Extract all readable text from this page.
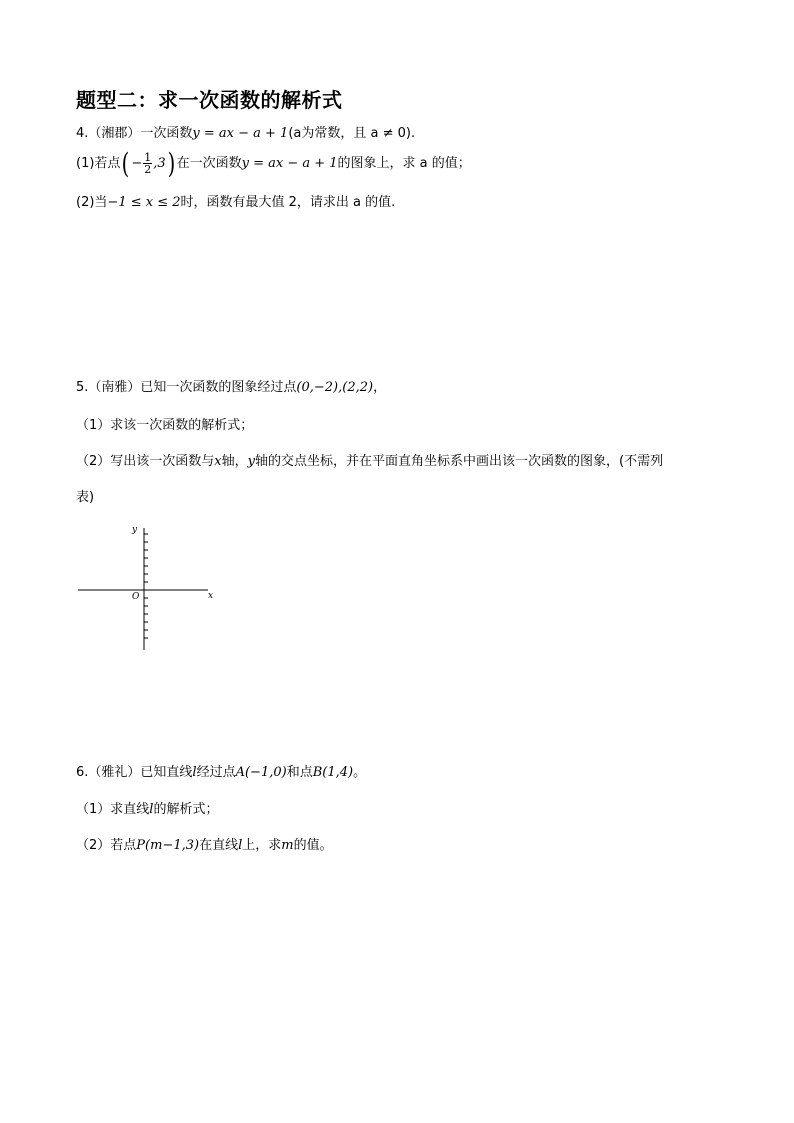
题型二：求一次函数的解析式
4.（湘郡）一次函数y = ax − a + 1(a为常数，且 a ≠ 0).
(1)若点( − $\frac{1}{2} ,3$) 在一次函数y = ax − a + 1的图象上，求 a 的值；
(2)当−1 ≤ x ≤ 2时，函数有最大值 2，请求出 a 的值.
5.（南雅）已知一次函数的图象经过点(0,−2),(2,2)，
（1）求该一次函数的解析式；
（2）写出该一次函数与x轴，y轴的交点坐标，并在平面直角坐标系中画出该一次函数的图象，(不需列
表)
y
x
O
6.（雅礼）已知直线l经过点A(−1,0)和点B(1,4)。
（1）求直线l的解析式；
（2）若点P(m−1,3)在直线l上，求m的值。
